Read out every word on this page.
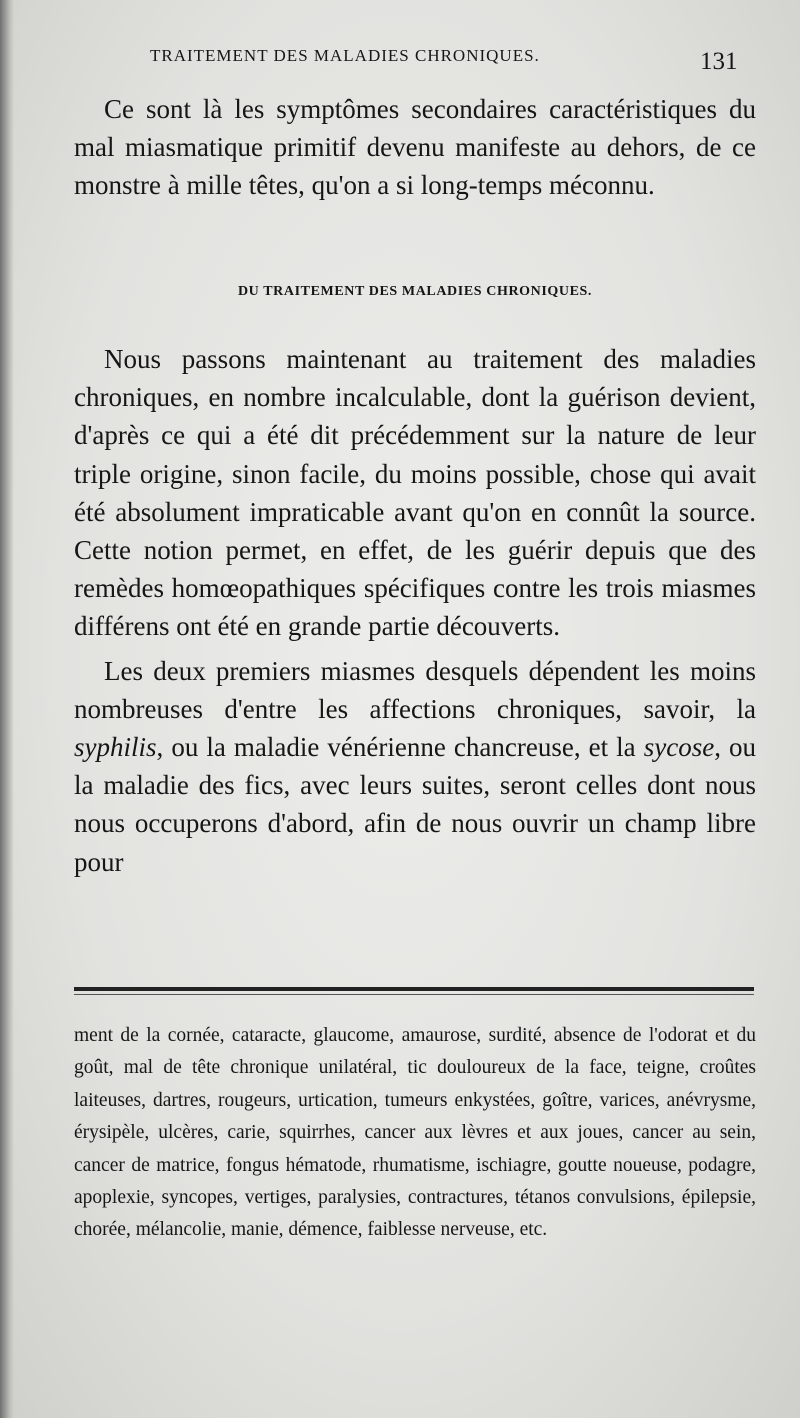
TRAITEMENT DES MALADIES CHRONIQUES.	131

Ce sont là les symptômes secondaires caractéristiques du mal miasmatique primitif devenu manifeste au dehors, de ce monstre à mille têtes, qu'on a si long-temps méconnu.

DU TRAITEMENT DES MALADIES CHRONIQUES.

Nous passons maintenant au traitement des maladies chroniques, en nombre incalculable, dont la guérison devient, d'après ce qui a été dit précédemment sur la nature de leur triple origine, sinon facile, du moins possible, chose qui avait été absolument impraticable avant qu'on en connût la source. Cette notion permet, en effet, de les guérir depuis que des remèdes homœopathiques spécifiques contre les trois miasmes différens ont été en grande partie découverts.

Les deux premiers miasmes desquels dépendent les moins nombreuses d'entre les affections chroniques, savoir, la syphilis, ou la maladie vénérienne chancreuse, et la sycose, ou la maladie des fics, avec leurs suites, seront celles dont nous nous occuperons d'abord, afin de nous ouvrir un champ libre pour

ment de la cornée, cataracte, glaucome, amaurose, surdité, absence de l'odorat et du goût, mal de tête chronique unilatéral, tic douloureux de la face, teigne, croûtes laiteuses, dartres, rougeurs, urtication, tumeurs enkystées, goître, varices, anévrysme, érysipèle, ulcères, carie, squirrhes, cancer aux lèvres et aux joues, cancer au sein, cancer de matrice, fongus hématode, rhumatisme, ischiagre, goutte noueuse, podagre, apoplexie, syncopes, vertiges, paralysies, contractures, tétanos convulsions, épilepsie, chorée, mélancolie, manie, démence, faiblesse nerveuse, etc.
